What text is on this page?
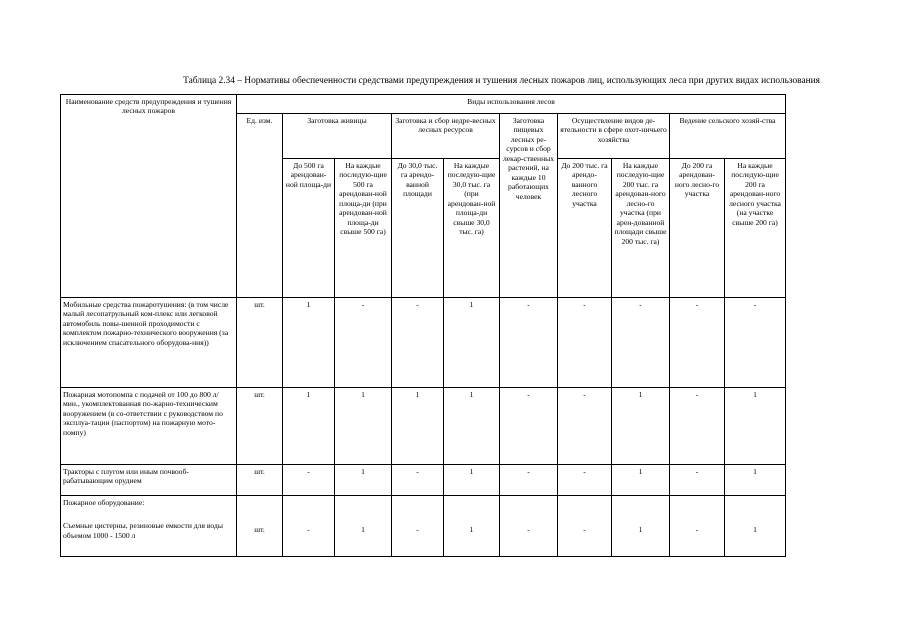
Таблица 2.34 – Нормативы обеспеченности средствами предупреждения и тушения лесных пожаров лиц, использующих леса при других видах использования
Наименование средств предупреждения и тушения лесных пожаров	Виды использования лесов									
	Ед. изм.	Заготовка живицы		Заготовка и сбор недре-весных лесных ресурсов		Заготовка пищевых лесных ре-сурсов и сбор лекар-ственных растений, на каждые 10 работающих человек	Осуществление видов де-ятельности в сфере охот-ничьего хозяйства		Ведение сельского хозяй-ства	
		До 500 га арендован-ной площа-ди	На каждые последую-щие 500 га арендован-ной площа-ди (при арендован-ной площа-ди свыше 500 га)	До 30,0 тыс. га арендо-ванной площади	На каждые последую-щие 30,0 тыс. га (при арендован-ной площа-ди свыше 30,0 тыс. га)		До 200 тыс. га арендо-ванного лесного участка	На каждые последую-щие 200 тыс. га арендован-ного лесно-го участка (при арен-дованной площади свыше 200 тыс. га)	До 200 га арендован-ного лесно-го участка	На каждые последую-щие 200 га арендован-ного лесного участка (на участке свыше 200 га)
Мобильные средства пожаротушения: (в том числе малый лесопатрульный ком-плекс или легковой автомобиль повы-шенной проходимости с комплектом пожарно-технического вооружения (за исключением спасательного оборудова-ния))	шт.	1	-	-	1	-	-	-	-	-
Пожарная мотопомпа с подачей от 100 до 800 л/мин., укомплектованная по-жарно-техническим вооружением (в со-ответствии с руководством по эксплуа-тации (паспортом) на пожарную мото-помпу)	шт.	1	1	1	1	-	-	1	-	1
Тракторы с плугом или иным почвооб-рабатывающим орудием	шт.	-	1	-	1	-	-	1	-	1

Пожарное оборудование:
Съемные цистерны, резиновые емкости для воды объемом 1000 - 1500 л	шт.	-	1	-	1	-	-	1	-	1
